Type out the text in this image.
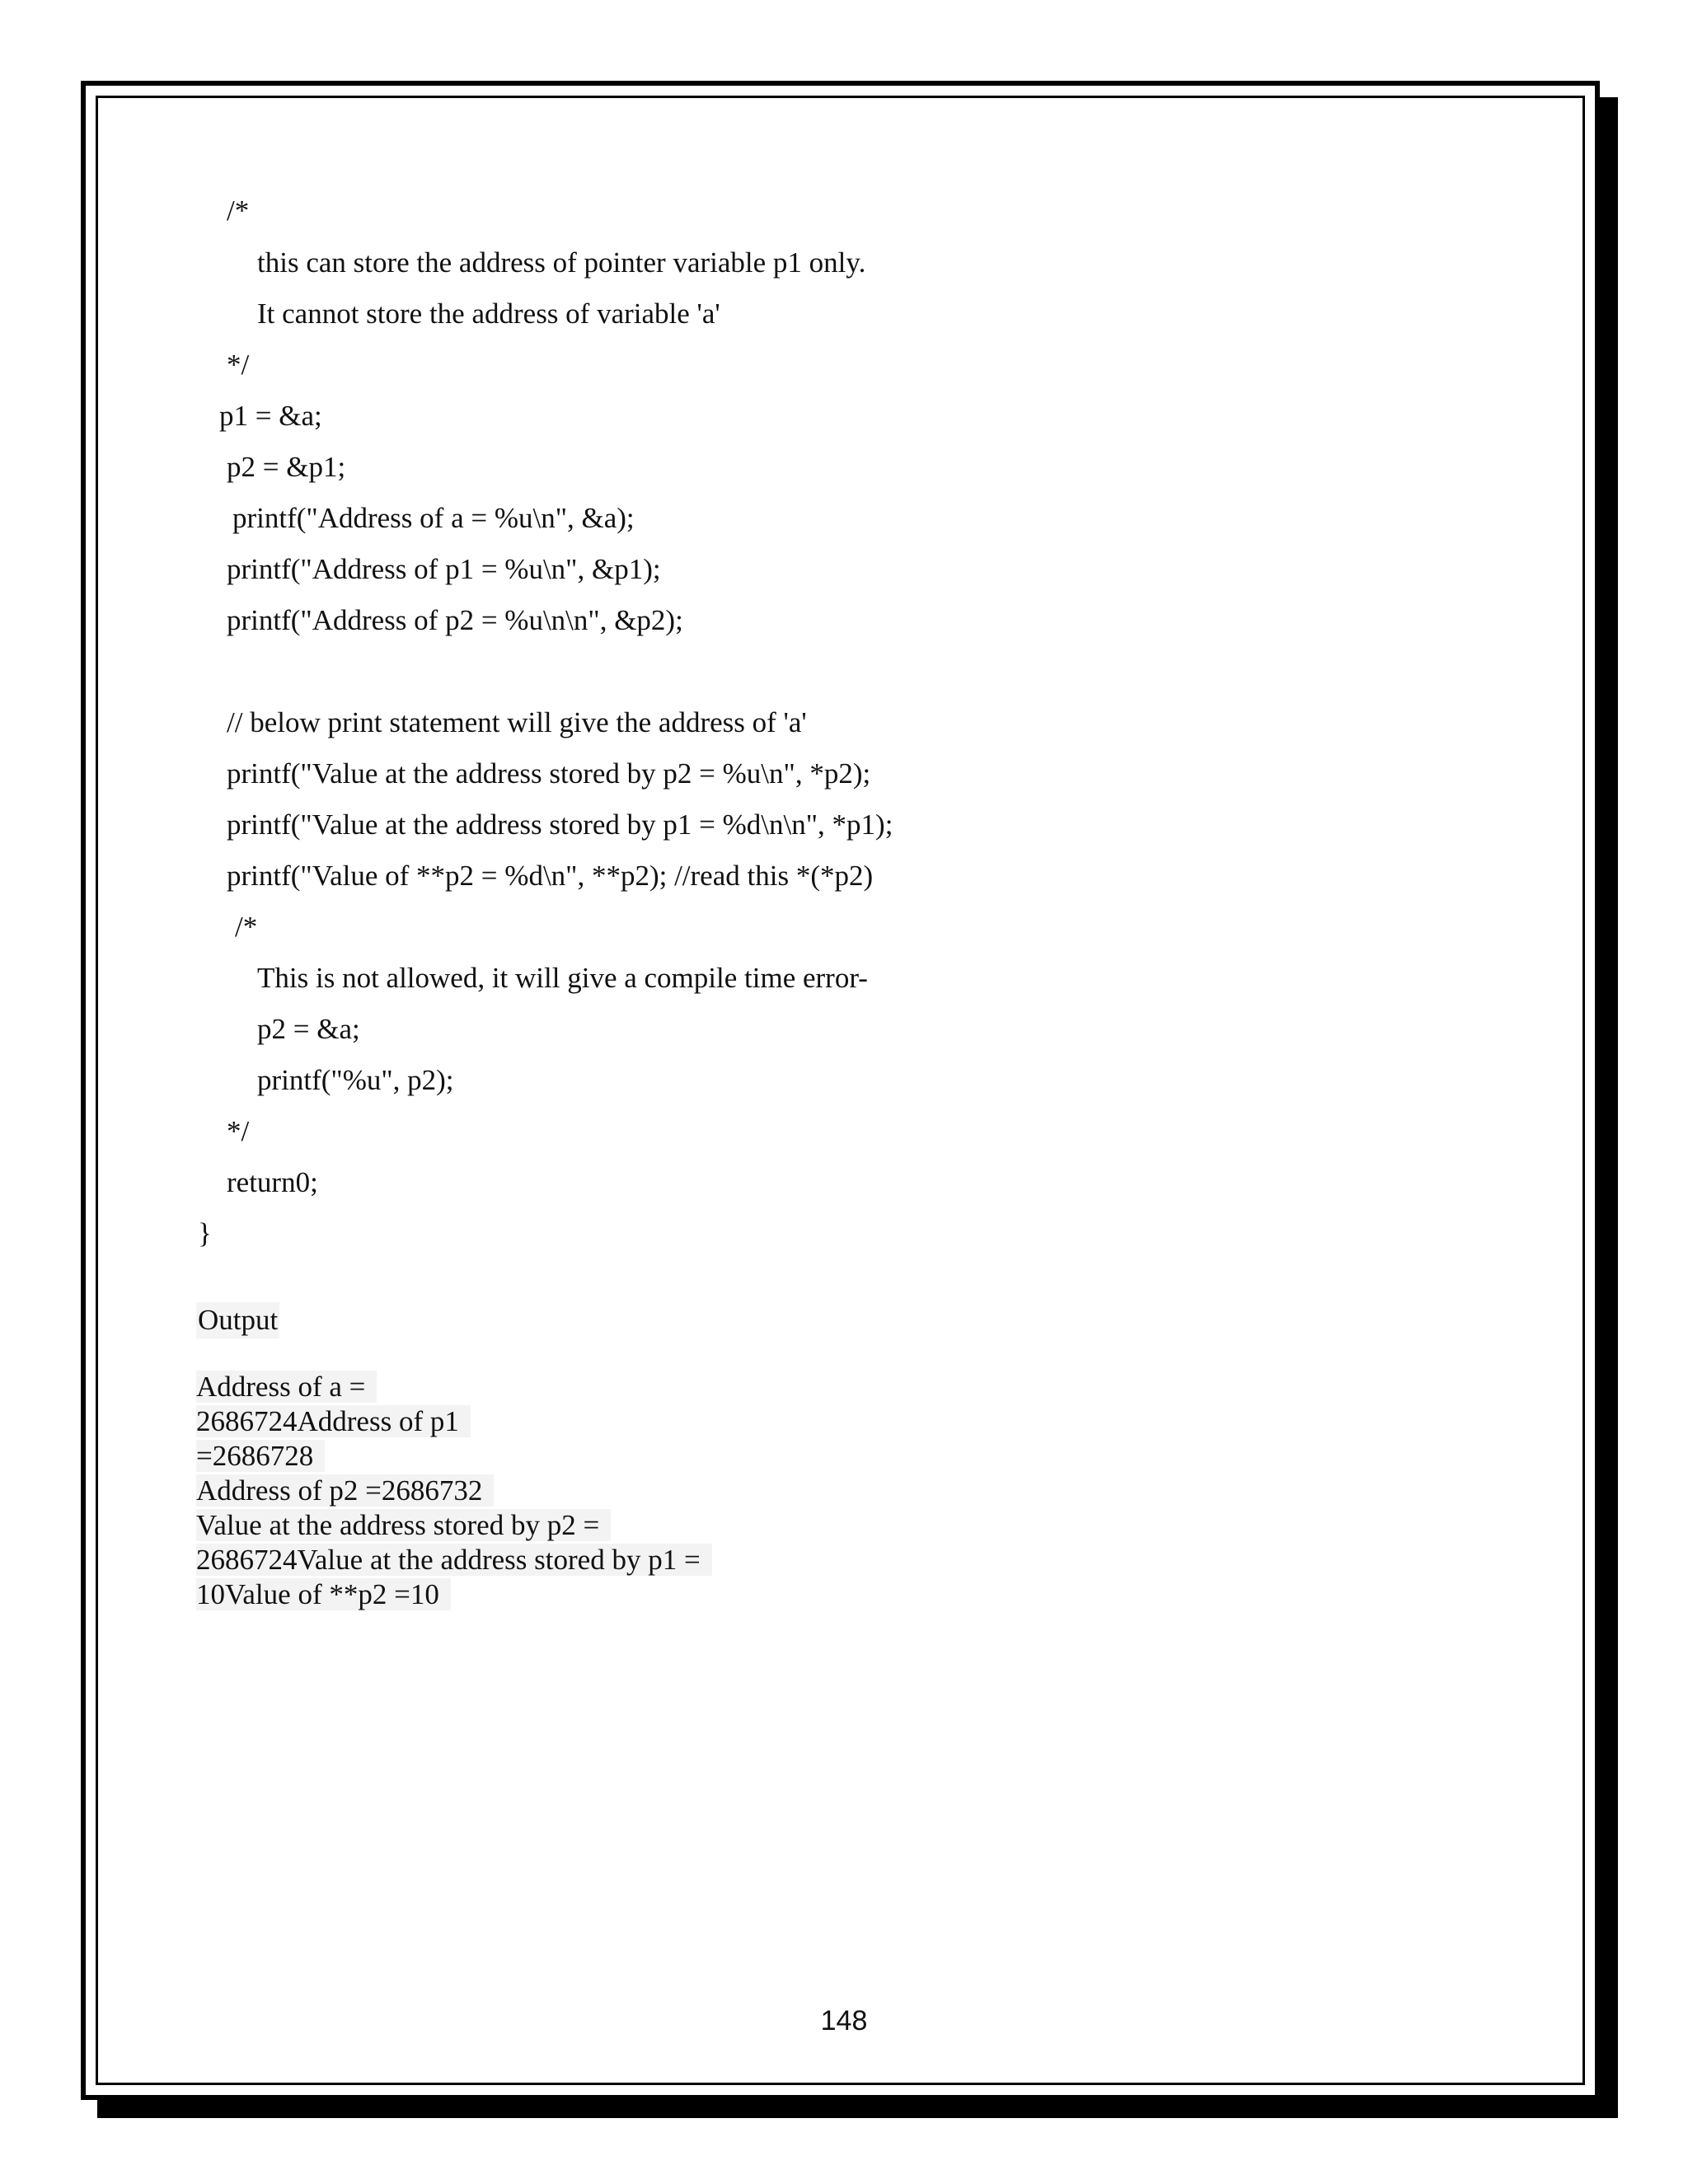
/*
this can store the address of pointer variable p1 only.
It cannot store the address of variable 'a'
*/
p1 = &a;
p2 = &p1;
printf("Address of a = %u\n", &a);
printf("Address of p1 = %u\n", &p1);
printf("Address of p2 = %u\n\n", &p2);
// below print statement will give the address of 'a'
printf("Value at the address stored by p2 = %u\n", *p2);
printf("Value at the address stored by p1 = %d\n\n", *p1);
printf("Value of **p2 = %d\n", **p2); //read this *(*p2)
/*
This is not allowed, it will give a compile time error-
p2 = &a;
printf("%u", p2);
*/
return0;
}
Output
Address of a =
2686724Address of p1
=2686728
Address of p2 =2686732
Value at the address stored by p2 =
2686724Value at the address stored by p1 =
10Value of **p2 =10
148
